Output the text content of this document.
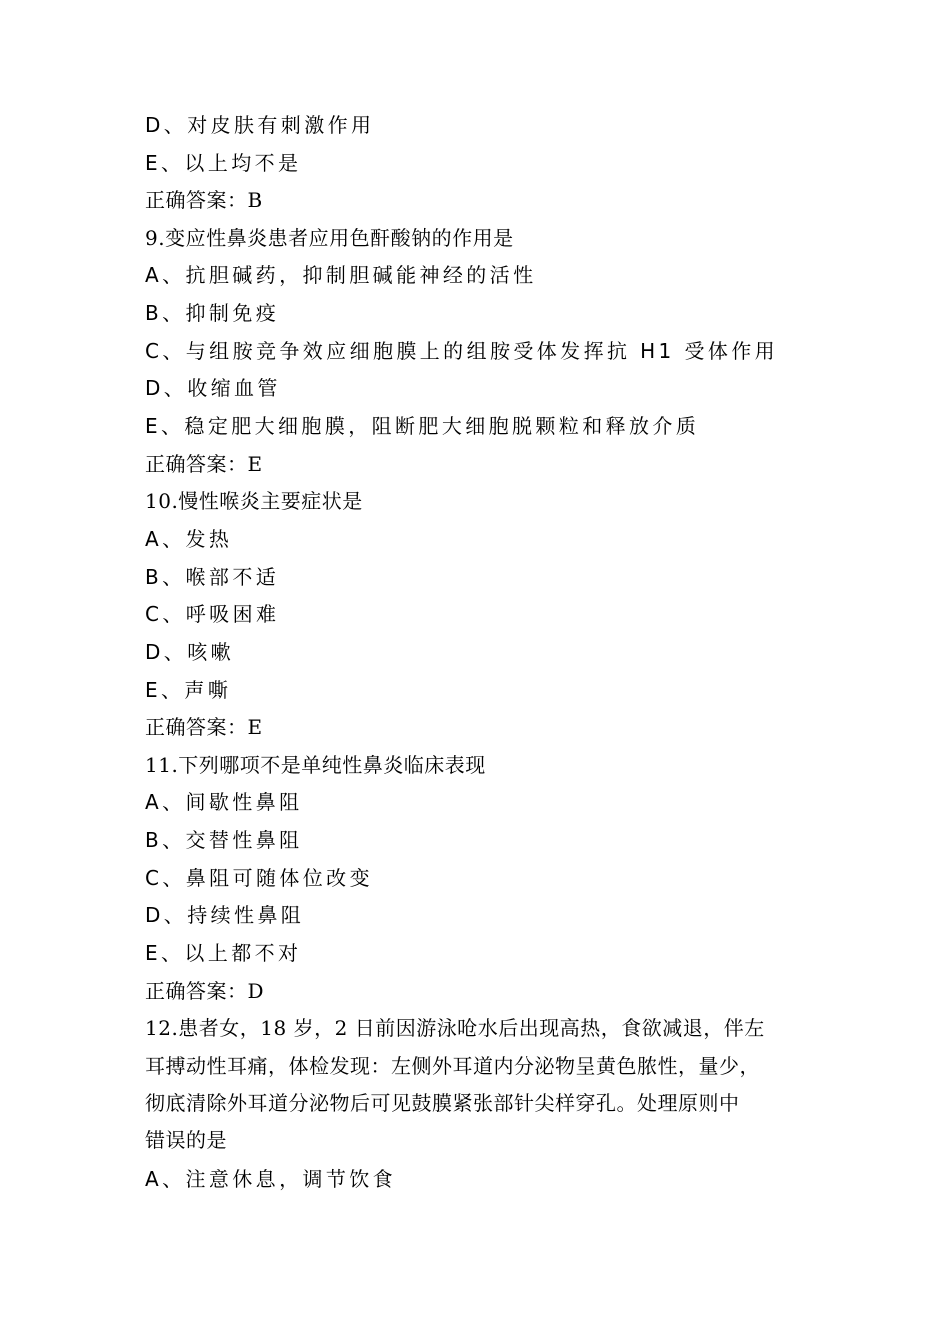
D、对皮肤有刺激作用
E、以上均不是
正确答案：B
9.变应性鼻炎患者应用色酐酸钠的作用是
A、抗胆碱药，抑制胆碱能神经的活性
B、抑制免疫
C、与组胺竞争效应细胞膜上的组胺受体发挥抗 H1 受体作用
D、收缩血管
E、稳定肥大细胞膜，阻断肥大细胞脱颗粒和释放介质
正确答案：E
10.慢性喉炎主要症状是
A、发热
B、喉部不适
C、呼吸困难
D、咳嗽
E、声嘶
正确答案：E
11.下列哪项不是单纯性鼻炎临床表现
A、间歇性鼻阻
B、交替性鼻阻
C、鼻阻可随体位改变
D、持续性鼻阻
E、以上都不对
正确答案：D
12.患者女，18 岁，2 日前因游泳呛水后出现高热，食欲减退，伴左
耳搏动性耳痛，体检发现：左侧外耳道内分泌物呈黄色脓性，量少，
彻底清除外耳道分泌物后可见鼓膜紧张部针尖样穿孔。处理原则中
错误的是
A、注意休息，调节饮食
